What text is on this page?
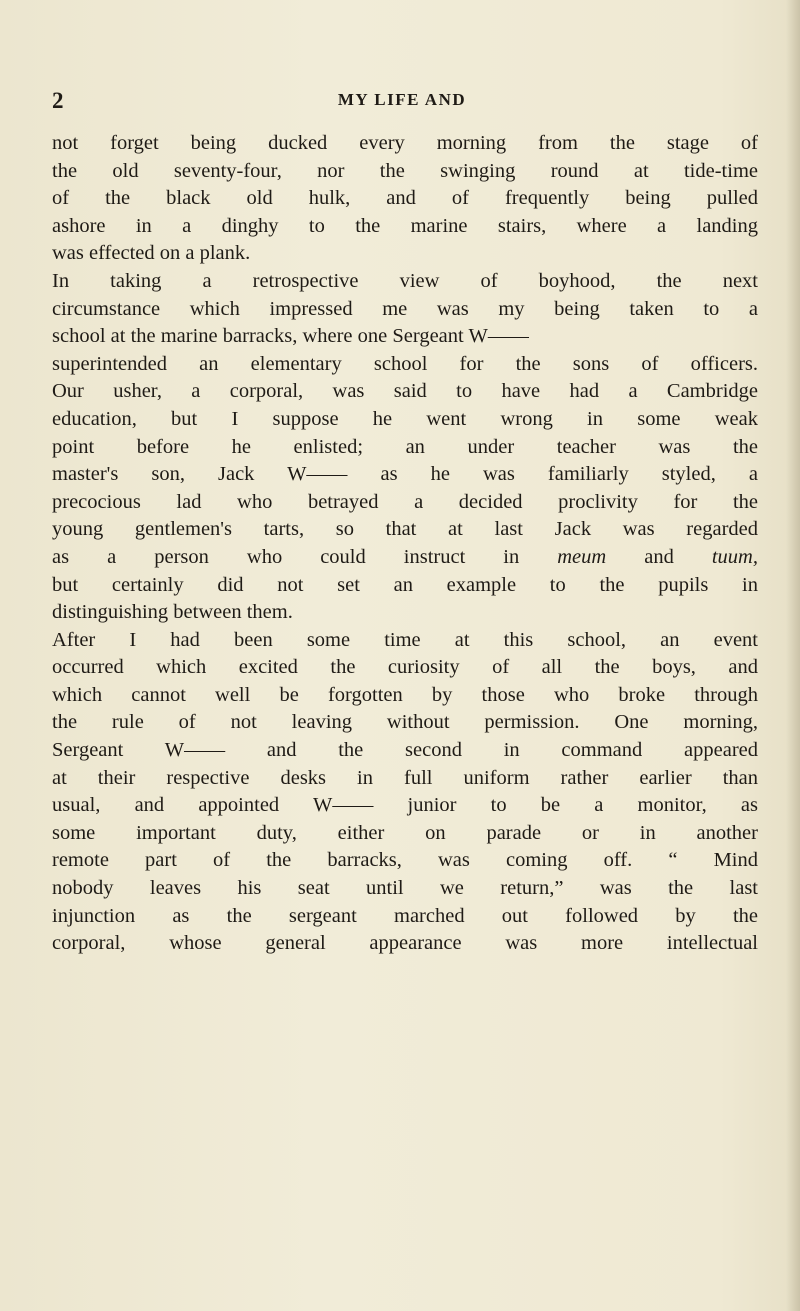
2	MY LIFE AND
not forget being ducked every morning from the stage of
the old seventy-four, nor the swinging round at tide-time
of the black old hulk, and of frequently being pulled
ashore in a dinghy to the marine stairs, where a landing
was effected on a plank.
In taking a retrospective view of boyhood, the next
circumstance which impressed me was my being taken to a
school at the marine barracks, where one Sergeant W——
superintended an elementary school for the sons of officers.
Our usher, a corporal, was said to have had a Cambridge
education, but I suppose he went wrong in some weak
point before he enlisted; an under teacher was the
master's son, Jack W—— as he was familiarly styled, a
precocious lad who betrayed a decided proclivity for the
young gentlemen's tarts, so that at last Jack was regarded
as a person who could instruct in meum and tuum,
but certainly did not set an example to the pupils in
distinguishing between them.
After I had been some time at this school, an event
occurred which excited the curiosity of all the boys, and
which cannot well be forgotten by those who broke through
the rule of not leaving without permission. One morning,
Sergeant W—— and the second in command appeared
at their respective desks in full uniform rather earlier than
usual, and appointed W—— junior to be a monitor, as
some important duty, either on parade or in another
remote part of the barracks, was coming off. “ Mind
nobody leaves his seat until we return,” was the last
injunction as the sergeant marched out followed by the
corporal, whose general appearance was more intellectual
